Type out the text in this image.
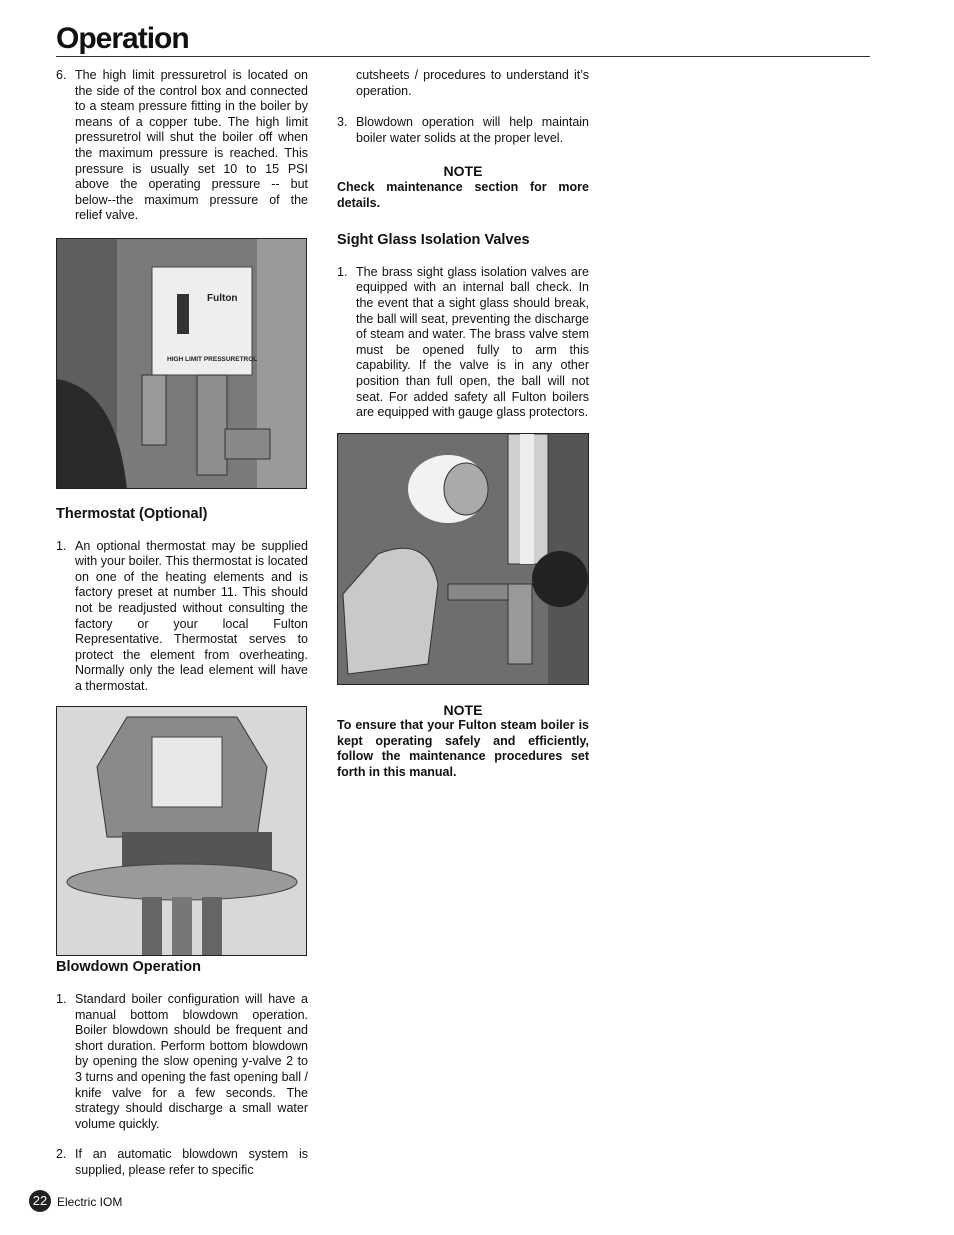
Operation
6. The high limit pressuretrol is located on the side of the control box and connected to a steam pressure fitting in the boiler by means of a copper tube. The high limit pressuretrol will shut the boiler off when the maximum pressure is reached. This pressure is usually set 10 to 15 PSI above the operating pressure -- but below--the maximum pressure of the relief valve.
Fulton
HIGH LIMIT PRESSURETROL
Thermostat (Optional)
1. An optional thermostat may be supplied with your boiler. This thermostat is located on one of the heating elements and is factory preset at number 11. This should not be readjusted without consulting the factory or your local Fulton Representative. Thermostat serves to protect the element from overheating. Normally only the lead element will have a thermostat.
Blowdown Operation
1. Standard boiler configuration will have a manual bottom blowdown operation. Boiler blowdown should be frequent and short duration. Perform bottom blowdown by opening the slow opening y-valve 2 to 3 turns and opening the fast opening ball / knife valve for a few seconds. The strategy should discharge a small water volume quickly.
2. If an automatic blowdown system is supplied, please refer to specific
cutsheets / procedures to understand it’s operation.
3. Blowdown operation will help maintain boiler water solids at the proper level.
NOTE
Check maintenance section for more details.
Sight Glass Isolation Valves
1. The brass sight glass isolation valves are equipped with an internal ball check. In the event that a sight glass should break, the ball will seat, preventing the discharge of steam and water. The brass valve stem must be opened fully to arm this capability. If the valve is in any other position than full open, the ball will not seat. For added safety all Fulton boilers are equipped with gauge glass protectors.
NOTE
To ensure that your Fulton steam boiler is kept operating safely and efficiently, follow the maintenance procedures set forth in this manual.
22 Electric IOM
